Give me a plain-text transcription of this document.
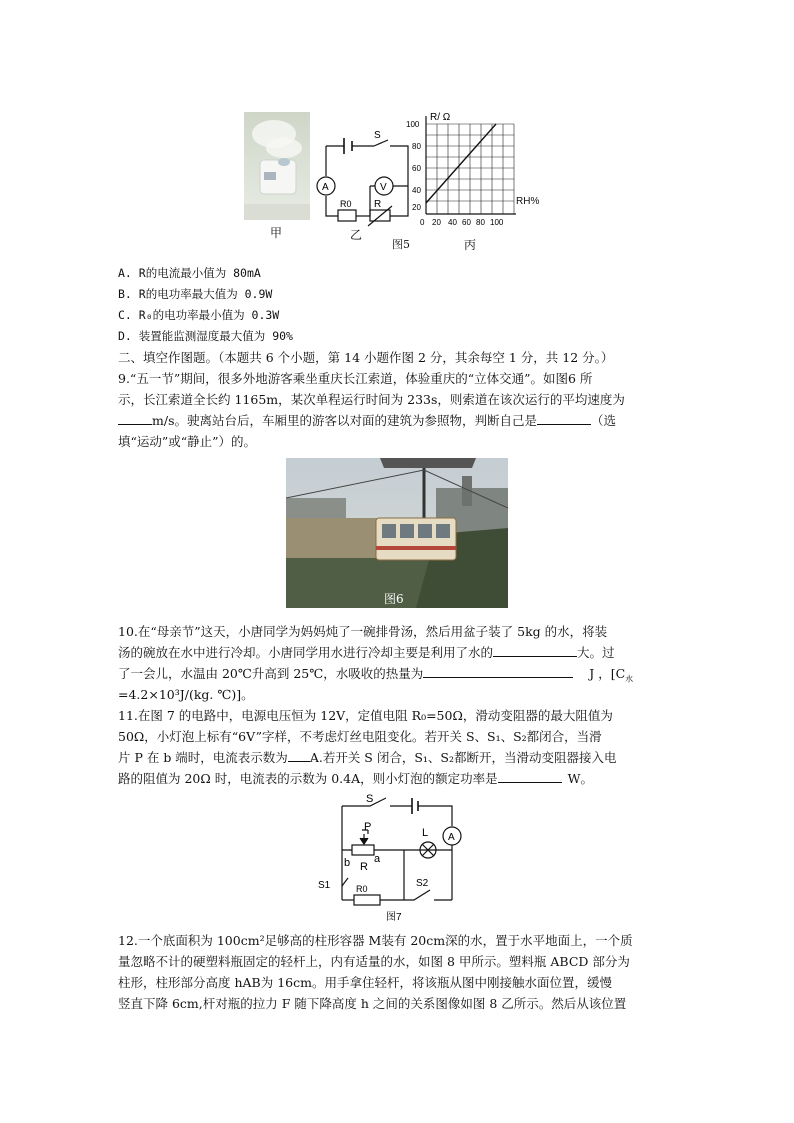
甲
A	V
S
R0 R
乙
图5
R/ Ω
100
80
60
40
20
0 20 40 60 80 100
RH%
丙
A. R的电流最小值为 80mA
B. R的电功率最大值为 0.9W
C. R₀的电功率最小值为 0.3W
D. 装置能监测湿度最大值为 90%
二、填空作图题。（本题共 6 个小题，第 14 小题作图 2 分，其余每空 1 分，共 12 分。）
9.“五一节”期间，很多外地游客乘坐重庆长江索道，体验重庆的“立体交通”。如图6 所
示，长江索道全长约 1165m，某次单程运行时间为 233s，则索道在该次运行的平均速度为
m/s。驶离站台后，车厢里的游客以对面的建筑为参照物，判断自己是	（选
填“运动”或“静止”）的。
图6
10.在“母亲节”这天，小唐同学为妈妈炖了一碗排骨汤，然后用盆子装了 5kg 的水，将装
汤的碗放在水中进行冷却。小唐同学用水进行冷却主要是利用了水的	大。过
了一会儿，水温由 20℃升高到 25℃，水吸收的热量为	J ，[$C_水$
=4.2×10³J/(kg. ℃)]。
11.在图 7 的电路中，电源电压恒为 12V，定值电阻 R₀=50Ω，滑动变阻器的最大阻值为
50Ω，小灯泡上标有“6V”字样，不考虑灯丝电阻变化。若开关 S、S₁、S₂都闭合，当滑
片 P 在 b 端时，电流表示数为 A.若开关 S 闭合，S₁、S₂都断开，当滑动变阻器接入电
路的阻值为 20Ω 时，电流表的示数为 0.4A，则小灯泡的额定功率是	W。
S
A
P	L
b R
a
S1	R0	S2
图7
12.一个底面积为 100cm²足够高的柱形容器 M装有 20cm深的水，置于水平地面上，一个质
量忽略不计的硬塑料瓶固定的轻杆上，内有适量的水，如图 8 甲所示。塑料瓶 ABCD 部分为
柱形，柱形部分高度 hAB为 16cm。用手拿住轻杆，将该瓶从图中刚接触水面位置，缓慢
竖直下降 6cm,杆对瓶的拉力 F 随下降高度 h 之间的关系图像如图 8 乙所示。然后从该位置
